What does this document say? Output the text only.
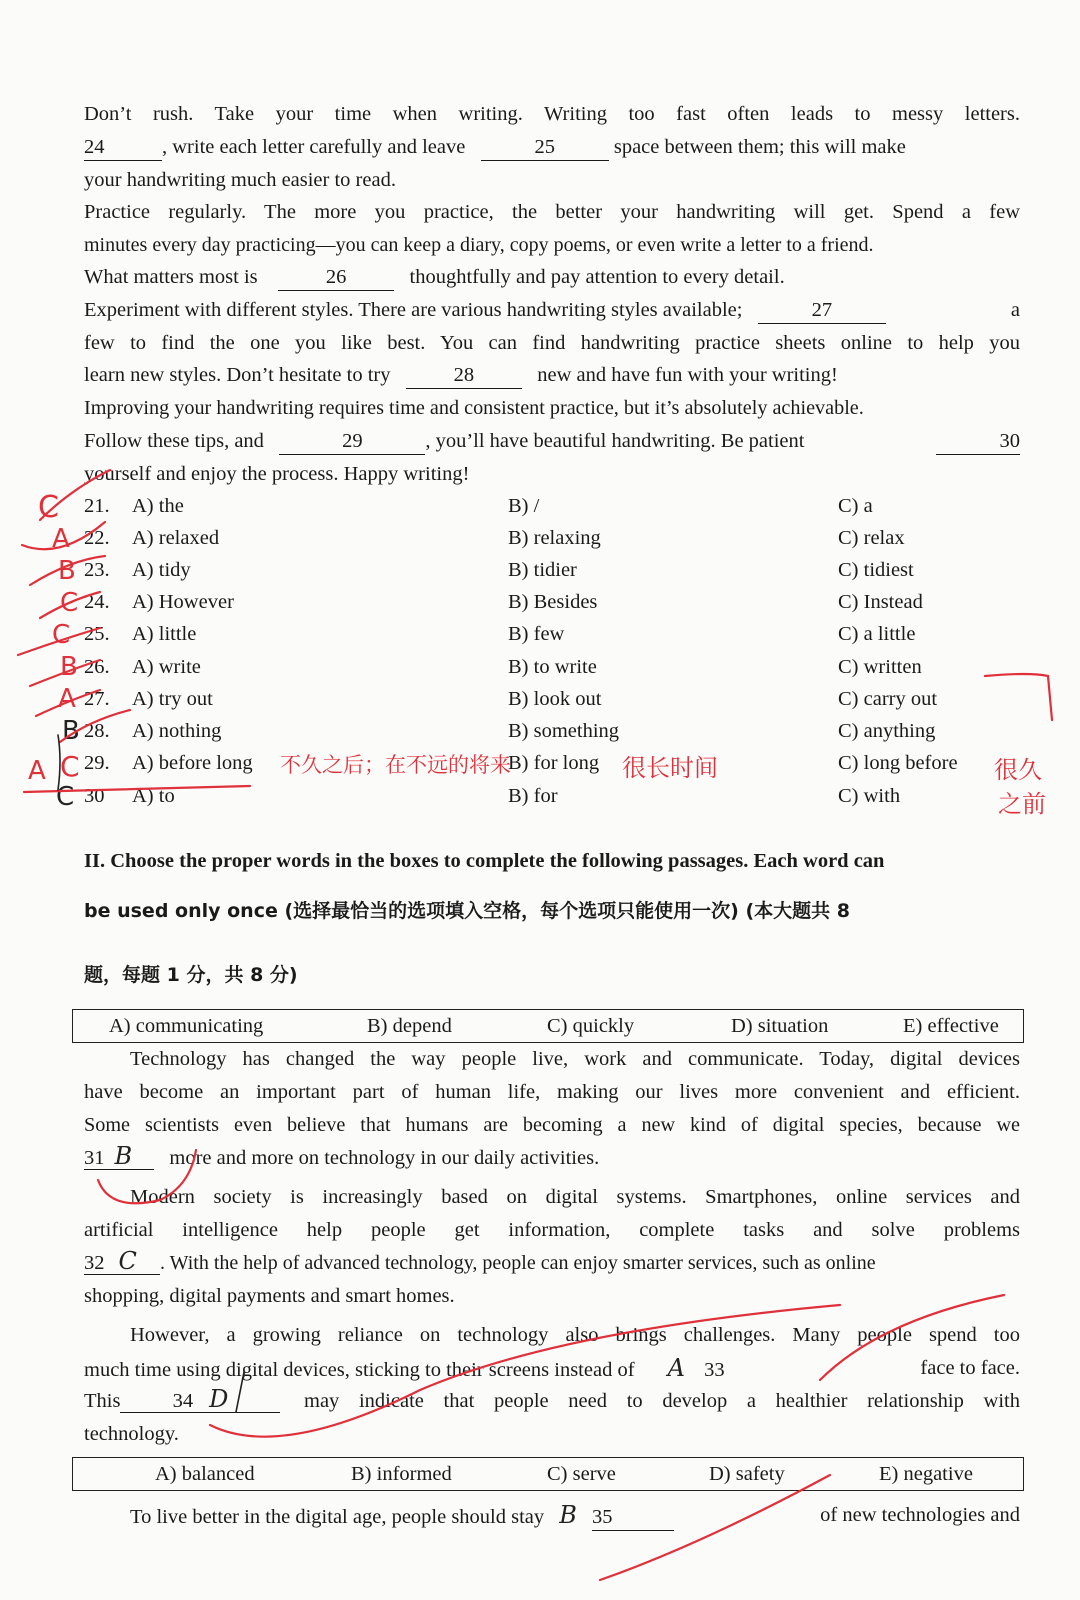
Don’t rush. Take your time when writing. Writing too fast often leads to messy letters.
24	, write each letter carefully and leave	25	space between them; this will make
your handwriting much easier to read.
Practice regularly. The more you practice, the better your handwriting will get. Spend a few
minutes every day practicing—you can keep a diary, copy poems, or even write a letter to a friend.
What matters most is	26	thoughtfully and pay attention to every detail.
Experiment with different styles. There are various handwriting styles available;	27	a
few to find the one you like best. You can find handwriting practice sheets online to help you
learn new styles. Don’t hesitate to try	28	new and have fun with your writing!
Improving your handwriting requires time and consistent practice, but it’s absolutely achievable.
Follow these tips, and	29	, you’ll have beautiful handwriting. Be patient	30
yourself and enjoy the process. Happy writing!
21.	A) the	B) /	C) a
22.	A) relaxed	B) relaxing	C) relax
23.	A) tidy	B) tidier	C) tidiest
24.	A) However	B) Besides	C) Instead
25.	A) little	B) few	C) a little
26.	A) write	B) to write	C) written
27.	A) try out	B) look out	C) carry out
28.	A) nothing	B) something	C) anything
29.	A) before long	B) for long	C) long before
30	A) to	B) for	C) with
II. Choose the proper words in the boxes to complete the following passages. Each word can
be used only once (选择最恰当的选项填入空格，每个选项只能使用一次) (本大题共 8
题，每题 1 分，共 8 分)
A) communicating	B) depend	C) quickly	D) situation	E) effective
Technology has changed the way people live, work and communicate. Today, digital devices
have become an important part of human life, making our lives more convenient and efficient.
Some scientists even believe that humans are becoming a new kind of digital species, because we
31 B more and more on technology in our daily activities.
Modern society is increasingly based on digital systems. Smartphones, online services and
artificial intelligence help people get information, complete tasks and solve problems
32 C . With the help of advanced technology, people can enjoy smarter services, such as online
shopping, digital payments and smart homes.
However, a growing reliance on technology also brings challenges. Many people spend too
much time using digital devices, sticking to their screens instead of A 33	face to face.
This	34 D	may indicate that people need to develop a healthier relationship with
technology.
A) balanced	B) informed	C) serve	D) safety	E) negative
To live better in the digital age, people should stay B 35	of new technologies and
C
A
B
C
C
B
A
B
C
C
A	不久之后；在不远的将来	很长时间	很久
之前
